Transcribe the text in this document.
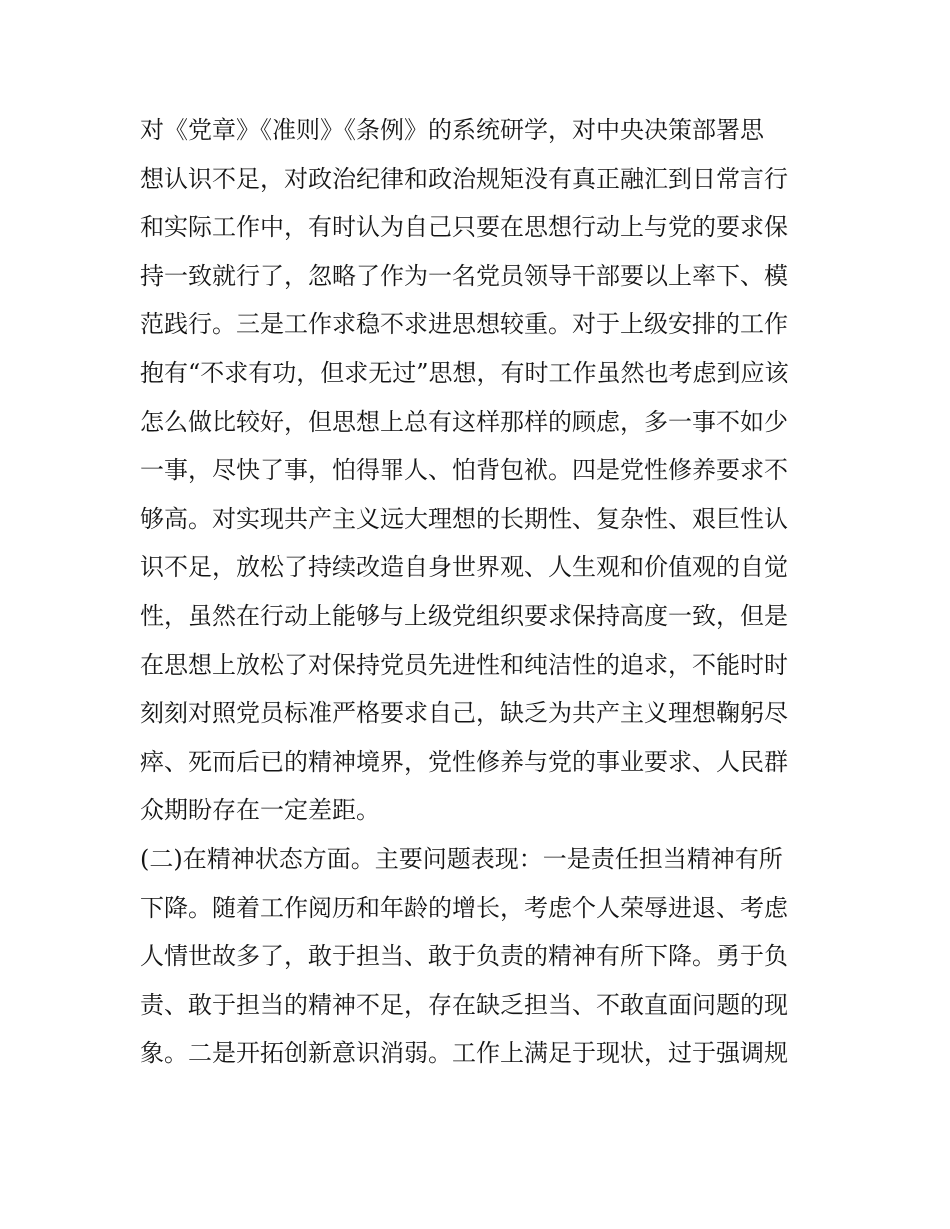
对《党章》《准则》《条例》的系统研学，对中央决策部署思
想认识不足，对政治纪律和政治规矩没有真正融汇到日常言行
和实际工作中，有时认为自己只要在思想行动上与党的要求保
持一致就行了，忽略了作为一名党员领导干部要以上率下、模
范践行。三是工作求稳不求进思想较重。对于上级安排的工作
抱有“不求有功，但求无过”思想，有时工作虽然也考虑到应该
怎么做比较好，但思想上总有这样那样的顾虑，多一事不如少
一事，尽快了事，怕得罪人、怕背包袱。四是党性修养要求不
够高。对实现共产主义远大理想的长期性、复杂性、艰巨性认
识不足，放松了持续改造自身世界观、人生观和价值观的自觉
性，虽然在行动上能够与上级党组织要求保持高度一致，但是
在思想上放松了对保持党员先进性和纯洁性的追求，不能时时
刻刻对照党员标准严格要求自己，缺乏为共产主义理想鞠躬尽
瘁、死而后已的精神境界，党性修养与党的事业要求、人民群
众期盼存在一定差距。
(二)在精神状态方面。主要问题表现：一是责任担当精神有所
下降。随着工作阅历和年龄的增长，考虑个人荣辱进退、考虑
人情世故多了，敢于担当、敢于负责的精神有所下降。勇于负
责、敢于担当的精神不足，存在缺乏担当、不敢直面问题的现
象。二是开拓创新意识消弱。工作上满足于现状，过于强调规
